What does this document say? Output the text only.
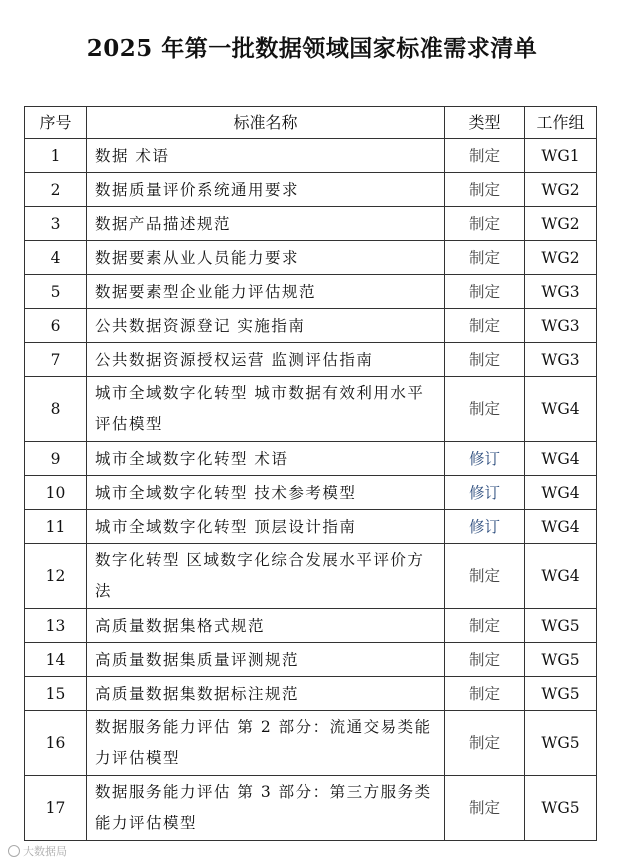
2025 年第一批数据领域国家标准需求清单
序号	标准名称	类型	工作组
1	数据 术语	制定	WG1
2	数据质量评价系统通用要求	制定	WG2
3	数据产品描述规范	制定	WG2
4	数据要素从业人员能力要求	制定	WG2
5	数据要素型企业能力评估规范	制定	WG3
6	公共数据资源登记 实施指南	制定	WG3
7	公共数据资源授权运营 监测评估指南	制定	WG3
8	城市全域数字化转型 城市数据有效利用水平评估模型	制定	WG4
9	城市全域数字化转型 术语	修订	WG4
10	城市全域数字化转型 技术参考模型	修订	WG4
11	城市全域数字化转型 顶层设计指南	修订	WG4
12	数字化转型 区域数字化综合发展水平评价方法	制定	WG4
13	高质量数据集格式规范	制定	WG5
14	高质量数据集质量评测规范	制定	WG5
15	高质量数据集数据标注规范	制定	WG5
16	数据服务能力评估 第 2 部分：流通交易类能力评估模型	制定	WG5
17	数据服务能力评估 第 3 部分：第三方服务类能力评估模型	制定	WG5
大数据局
